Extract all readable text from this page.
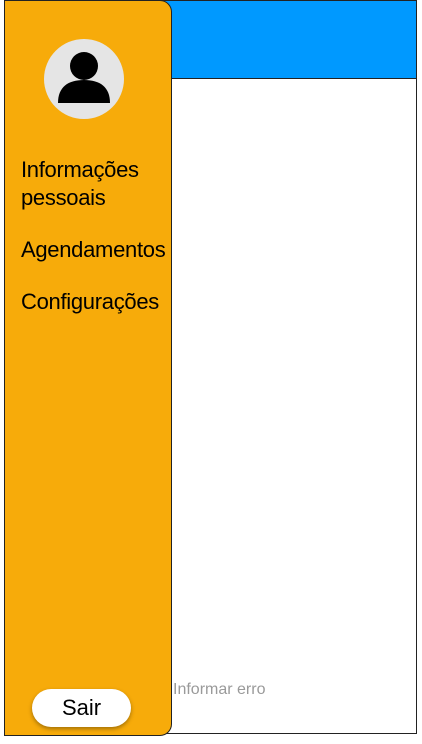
Informar erro
Informações pessoais
Agendamentos
Configurações
Sair
